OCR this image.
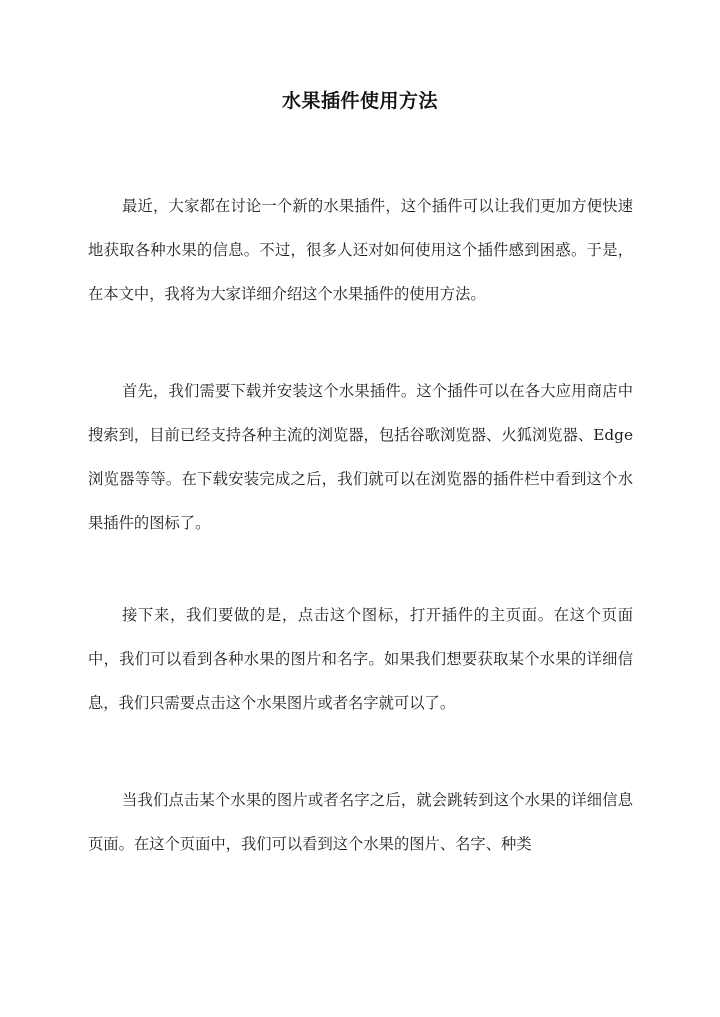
水果插件使用方法

最近，大家都在讨论一个新的水果插件，这个插件可以让我们更加方便快速地获取各种水果的信息。不过，很多人还对如何使用这个插件感到困惑。于是，在本文中，我将为大家详细介绍这个水果插件的使用方法。

首先，我们需要下载并安装这个水果插件。这个插件可以在各大应用商店中搜索到，目前已经支持各种主流的浏览器，包括谷歌浏览器、火狐浏览器、Edge浏览器等等。在下载安装完成之后，我们就可以在浏览器的插件栏中看到这个水果插件的图标了。

接下来，我们要做的是，点击这个图标，打开插件的主页面。在这个页面中，我们可以看到各种水果的图片和名字。如果我们想要获取某个水果的详细信息，我们只需要点击这个水果图片或者名字就可以了。

当我们点击某个水果的图片或者名字之后，就会跳转到这个水果的详细信息页面。在这个页面中，我们可以看到这个水果的图片、名字、种类
